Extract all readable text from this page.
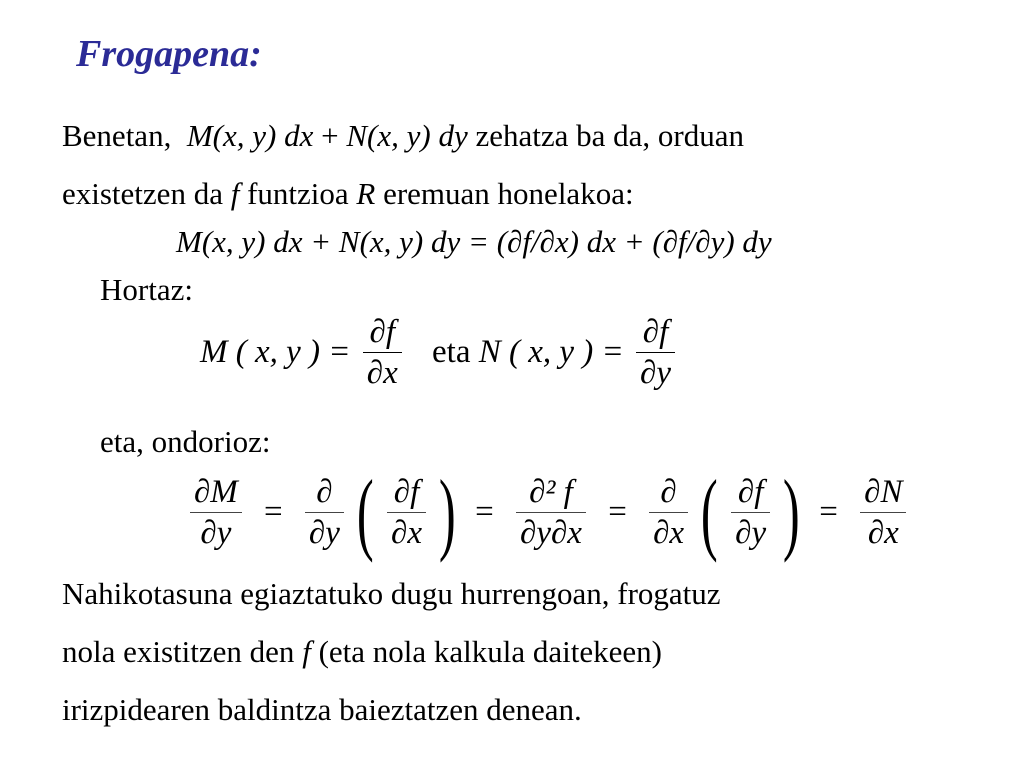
Frogapena:
Benetan, M(x, y) dx + N(x, y) dy zehatza ba da, orduan
existetzen da f funtzioa R eremuan honelakoa:
M(x, y) dx + N(x, y) dy = (∂f/∂x) dx + (∂f/∂y) dy
Hortaz:
M ( x, y ) = $\frac{\partial f}{\partial x}$ eta N ( x, y ) = $\frac{\partial f}{\partial y}$
eta, ondorioz:
$\frac{\partial M}{\partial y} = \frac{\partial}{\partial y}$ ( $\frac{\partial f}{\partial x}$ ) = $\frac{\text{∂² f}}{\partial y\partial x} = \frac{\partial}{\partial x}$ ( $\frac{\partial f}{\partial y}$ ) = $\frac{\partial N}{\partial x}$
Nahikotasuna egiaztatuko dugu hurrengoan, frogatuz
nola existitzen den f (eta nola kalkula daitekeen)
irizpidearen baldintza baieztatzen denean.
